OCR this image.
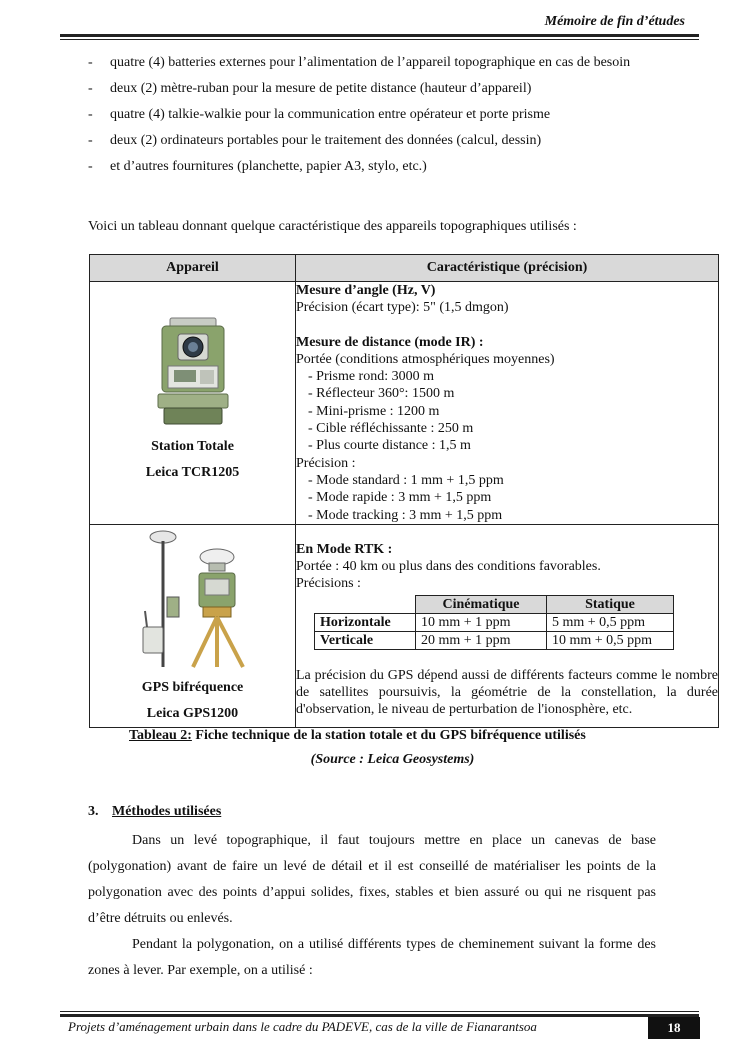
Mémoire de fin d’études
-	quatre (4) batteries externes pour l’alimentation de l’appareil topographique en cas de besoin
-	deux (2) mètre-ruban pour la mesure de petite distance (hauteur d’appareil)
-	quatre (4) talkie-walkie pour la communication entre opérateur et porte prisme
-	deux (2) ordinateurs portables pour le traitement des données (calcul, dessin)
-	et d’autres fournitures (planchette, papier A3, stylo, etc.)
Voici un tableau donnant quelque caractéristique des appareils topographiques utilisés :
Appareil	Caractéristique (précision)

Station Totale
Leica TCR1205

Mesure d’angle (Hz, V)
Précision (écart type): 5" (1,5 dmgon)
Mesure de distance (mode IR) :
Portée (conditions atmosphériques moyennes)
- Prisme rond: 3000 m
- Réflecteur 360°: 1500 m
- Mini-prisme : 1200 m
- Cible réfléchissante : 250 m
- Plus courte distance : 1,5 m
Précision :
- Mode standard : 1 mm + 1,5 ppm
- Mode rapide : 3 mm + 1,5 ppm
- Mode tracking : 3 mm + 1,5 ppm

GPS bifréquence
Leica GPS1200

En Mode RTK :
Portée : 40 km ou plus dans des conditions favorables.
Précisions :
	Cinématique	Statique
Horizontale	10 mm + 1 ppm	5 mm + 0,5 ppm
Verticale	20 mm + 1 ppm	10 mm + 0,5 ppm
La précision du GPS dépend aussi de différents facteurs comme le nombre de satellites poursuivis, la géométrie de la constellation, la durée d'observation, le niveau de perturbation de l'ionosphère, etc.
Tableau 2: Fiche technique de la station totale et du GPS bifréquence utilisés
(Source : Leica Geosystems)
3. Méthodes utilisées
Dans un levé topographique, il faut toujours mettre en place un canevas de base (polygonation) avant de faire un levé de détail et il est conseillé de matérialiser les points de la polygonation avec des points d’appui solides, fixes, stables et bien assuré ou qui ne risquent pas d’être détruits ou enlevés.
Pendant la polygonation, on a utilisé différents types de cheminement suivant la forme des zones à lever. Par exemple, on a utilisé :
Projets d’aménagement urbain dans le cadre du PADEVE, cas de la ville de Fianarantsoa	18
